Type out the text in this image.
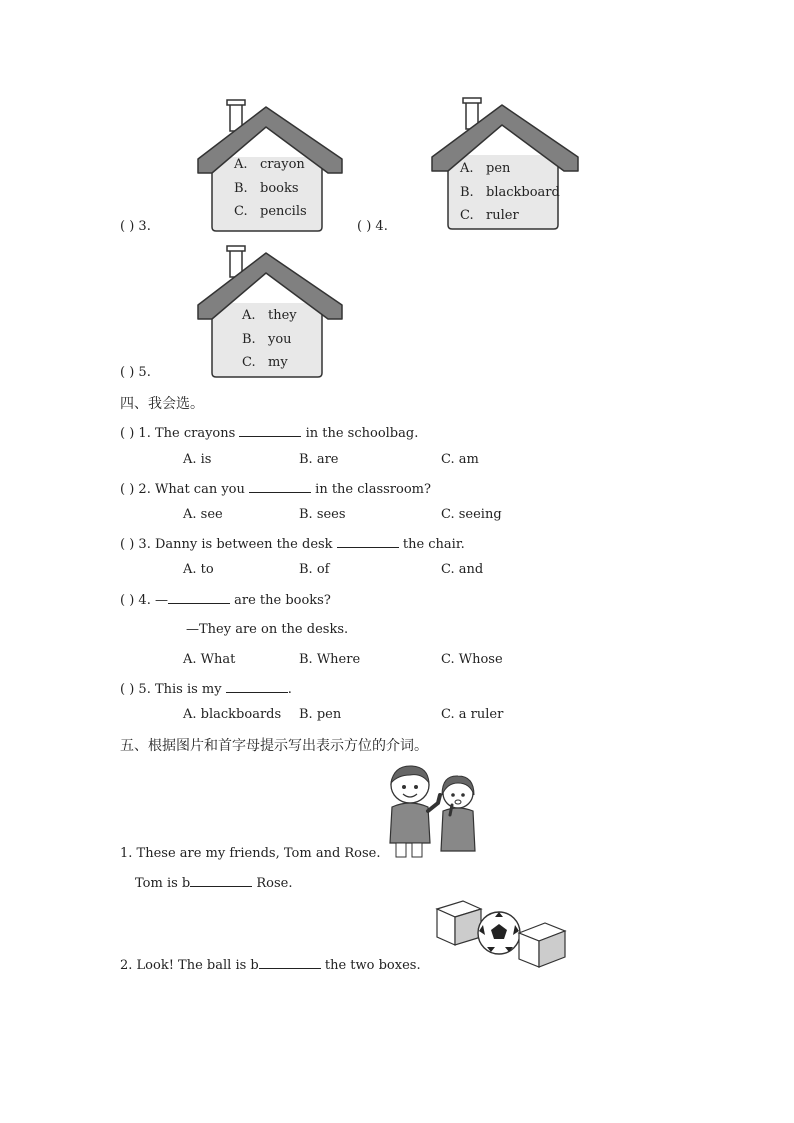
A. crayon
B. books
C. pencils
( ) 3.
A. pen
B. blackboard
C. ruler
( ) 4.
A. they
B. you
C. my
( ) 5.
四、我会选。
( ) 1. The crayons	in the schoolbag.
A. is	B. are	C. am
( ) 2. What can you	in the classroom?
A. see	B. sees	C. seeing
( ) 3. Danny is between the desk	the chair.
A. to	B. of	C. and
( ) 4. —	are the books?
—They are on the desks.
A. What	B. Where	C. Whose
( ) 5. This is my	.
A. blackboards B. pen	C. a ruler
五、根据图片和首字母提示写出表示方位的介词。
1. These are my friends, Tom and Rose.
Tom is b	Rose.
2. Look! The ball is b	the two boxes.
